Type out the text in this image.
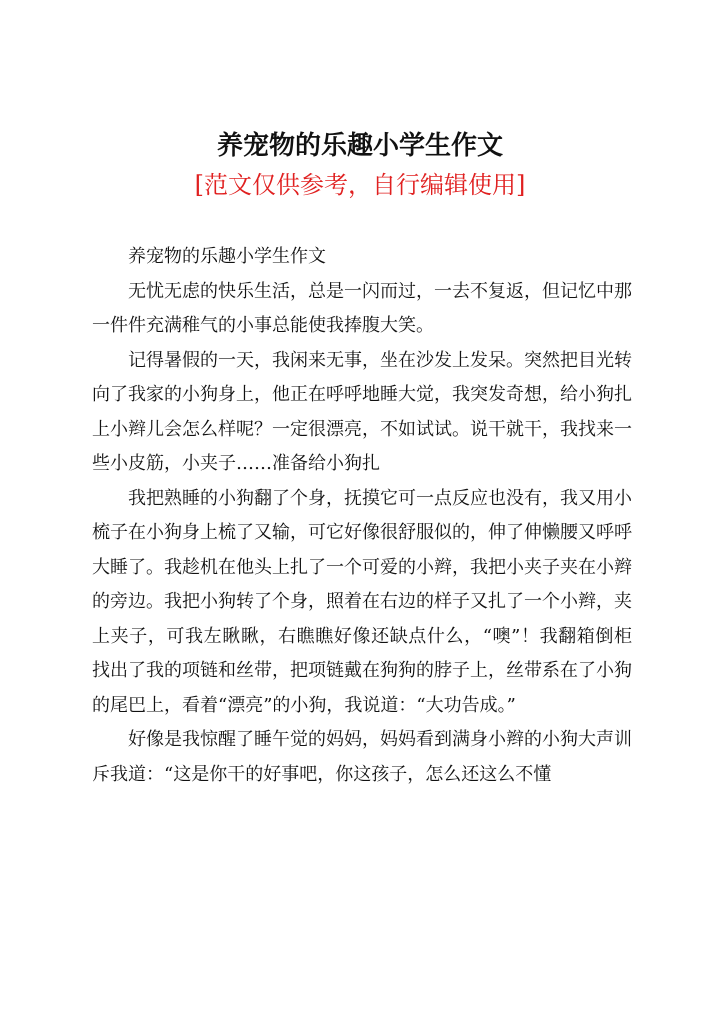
养宠物的乐趣小学生作文
[范文仅供参考，自行编辑使用]

养宠物的乐趣小学生作文

无忧无虑的快乐生活，总是一闪而过，一去不复返，但记忆中那一件件充满稚气的小事总能使我捧腹大笑。

记得暑假的一天，我闲来无事，坐在沙发上发呆。突然把目光转向了我家的小狗身上，他正在呼呼地睡大觉，我突发奇想，给小狗扎上小辫儿会怎么样呢？一定很漂亮，不如试试。说干就干，我找来一些小皮筋，小夹子……准备给小狗扎

我把熟睡的小狗翻了个身，抚摸它可一点反应也没有，我又用小梳子在小狗身上梳了又输，可它好像很舒服似的，伸了伸懒腰又呼呼大睡了。我趁机在他头上扎了一个可爱的小辫，我把小夹子夹在小辫的旁边。我把小狗转了个身，照着在右边的样子又扎了一个小辫，夹上夹子，可我左瞅瞅，右瞧瞧好像还缺点什么，“噢”！我翻箱倒柜找出了我的项链和丝带，把项链戴在狗狗的脖子上，丝带系在了小狗的尾巴上，看着“漂亮”的小狗，我说道：“大功告成。”

好像是我惊醒了睡午觉的妈妈，妈妈看到满身小辫的小狗大声训斥我道：“这是你干的好事吧，你这孩子，怎么还这么不懂
